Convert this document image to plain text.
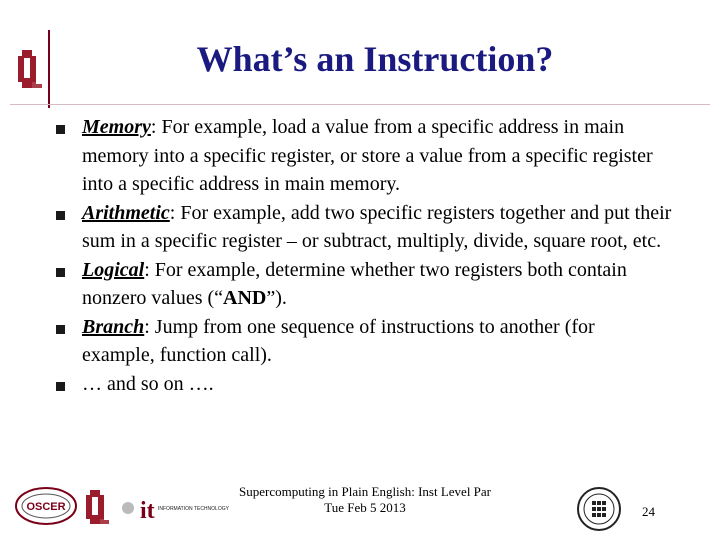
What’s an Instruction?
Memory: For example, load a value from a specific address in main memory into a specific register, or store a value from a specific register into a specific address in main memory.
Arithmetic: For example, add two specific registers together and put their sum in a specific register – or subtract, multiply, divide, square root, etc.
Logical: For example, determine whether two registers both contain nonzero values (“AND”).
Branch: Jump from one sequence of instructions to another (for example, function call).
… and so on ….
OSCER	it INFORMATION TECHNOLOGY
Supercomputing in Plain English: Inst Level Par
Tue Feb 5 2013	24
